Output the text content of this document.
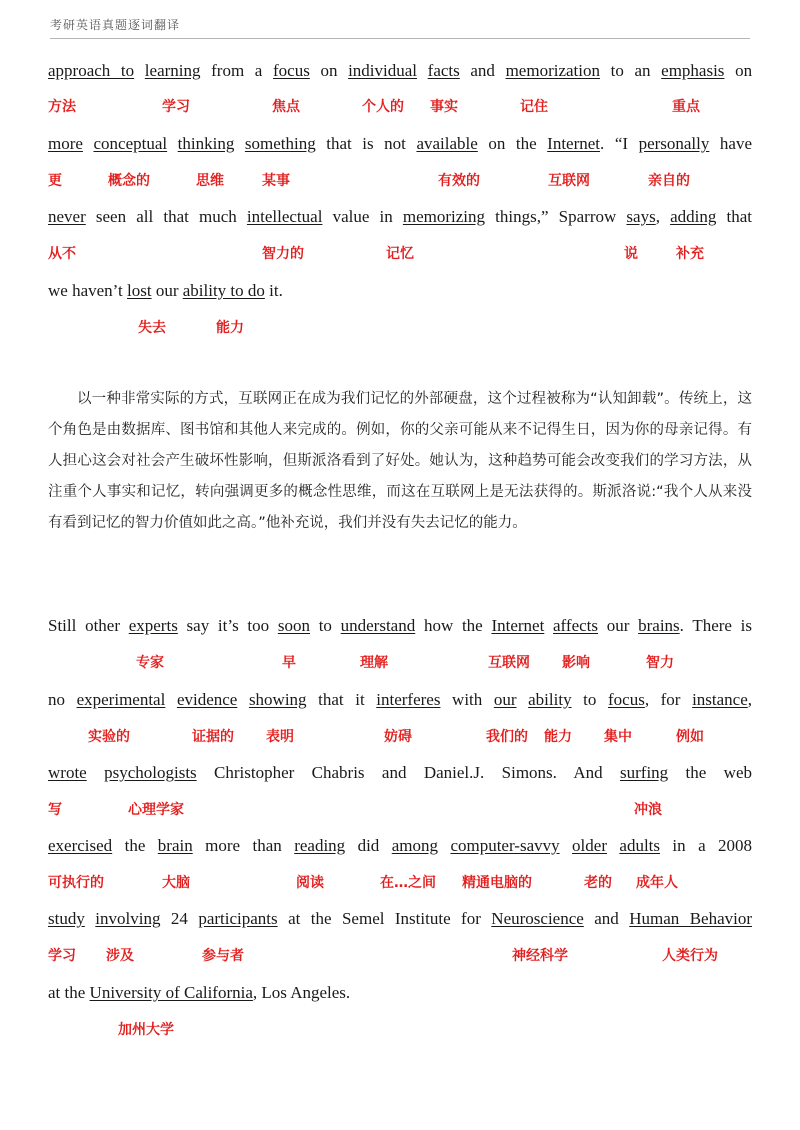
考研英语真题逐词翻译

approach to learning from a focus on individual facts and memorization to an emphasis on

方法	学习	焦点	个人的 事实	记住	重点

more conceptual thinking something that is not available on the Internet. “I personally have

更	概念的	思维	某事	有效的	互联网	亲自的

never seen all that much intellectual value in memorizing things,” Sparrow says, adding that

从不	智力的	记忆	说	补充

we haven’t lost our ability to do it.

失去	能力

以一种非常实际的方式，互联网正在成为我们记忆的外部硬盘，这个过程被称为“认知卸载”。传统上，这个角色是由数据库、图书馆和其他人来完成的。例如，你的父亲可能从来不记得生日，因为你的母亲记得。有人担心这会对社会产生破坏性影响，但斯派洛看到了好处。她认为，这种趋势可能会改变我们的学习方法，从注重个人事实和记忆，转向强调更多的概念性思维，而这在互联网上是无法获得的。斯派洛说:“我个人从来没有看到记忆的智力价值如此之高。”他补充说，我们并没有失去记忆的能力。

Still other experts say it’s too soon to understand how the Internet affects our brains. There is

专家	早	理解	互联网 影响	智力

no experimental evidence showing that it interferes with our ability to focus, for instance,

实验的	证据的 表明	妨碍	我们的 能力 集中	例如

wrote psychologists Christopher Chabris and Daniel.J. Simons. And surfing the web

写	心理学家	冲浪

exercised the brain more than reading did among computer-savvy older adults in a 2008

可执行的	大脑	阅读	在…之间 精通电脑的	老的 成年人

study involving 24 participants at the Semel Institute for Neuroscience and Human Behavior

学习 涉及	参与者	神经科学	人类行为

at the University of California, Los Angeles.

加州大学
